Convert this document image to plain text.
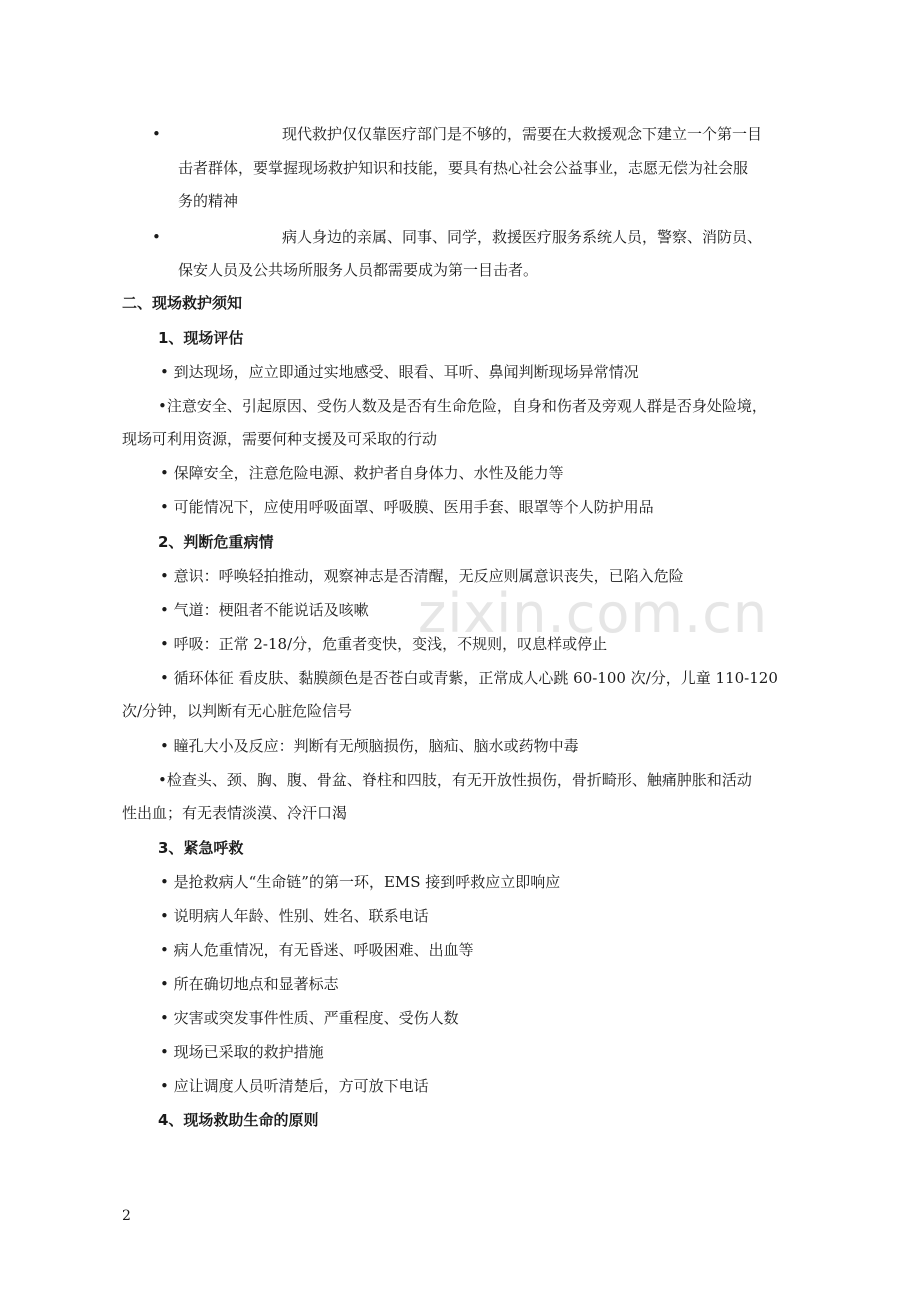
zixin.com.cn
•	现代救护仅仅靠医疗部门是不够的，需要在大救援观念下建立一个第一目
击者群体，要掌握现场救护知识和技能，要具有热心社会公益事业，志愿无偿为社会服
务的精神
•	病人身边的亲属、同事、同学，救援医疗服务系统人员，警察、消防员、
保安人员及公共场所服务人员都需要成为第一目击者。
二、现场救护须知
1、现场评估
• 到达现场，应立即通过实地感受、眼看、耳听、鼻闻判断现场异常情况
•注意安全、引起原因、受伤人数及是否有生命危险，自身和伤者及旁观人群是否身处险境，
现场可利用资源，需要何种支援及可采取的行动
• 保障安全，注意危险电源、救护者自身体力、水性及能力等
• 可能情况下，应使用呼吸面罩、呼吸膜、医用手套、眼罩等个人防护用品
2、判断危重病情
• 意识：呼唤轻拍推动，观察神志是否清醒，无反应则属意识丧失，已陷入危险
• 气道：梗阻者不能说话及咳嗽
• 呼吸：正常 2-18/分，危重者变快，变浅，不规则，叹息样或停止
• 循环体征 看皮肤、黏膜颜色是否苍白或青紫，正常成人心跳 60-100 次/分，儿童 110-120
次/分钟，以判断有无心脏危险信号
• 瞳孔大小及反应：判断有无颅脑损伤，脑疝、脑水或药物中毒
•检查头、颈、胸、腹、骨盆、脊柱和四肢，有无开放性损伤，骨折畸形、触痛肿胀和活动
性出血；有无表情淡漠、冷汗口渴
3、紧急呼救
• 是抢救病人“生命链”的第一环，EMS 接到呼救应立即响应
• 说明病人年龄、性别、姓名、联系电话
• 病人危重情况，有无昏迷、呼吸困难、出血等
• 所在确切地点和显著标志
• 灾害或突发事件性质、严重程度、受伤人数
• 现场已采取的救护措施
• 应让调度人员听清楚后，方可放下电话
4、现场救助生命的原则
2
